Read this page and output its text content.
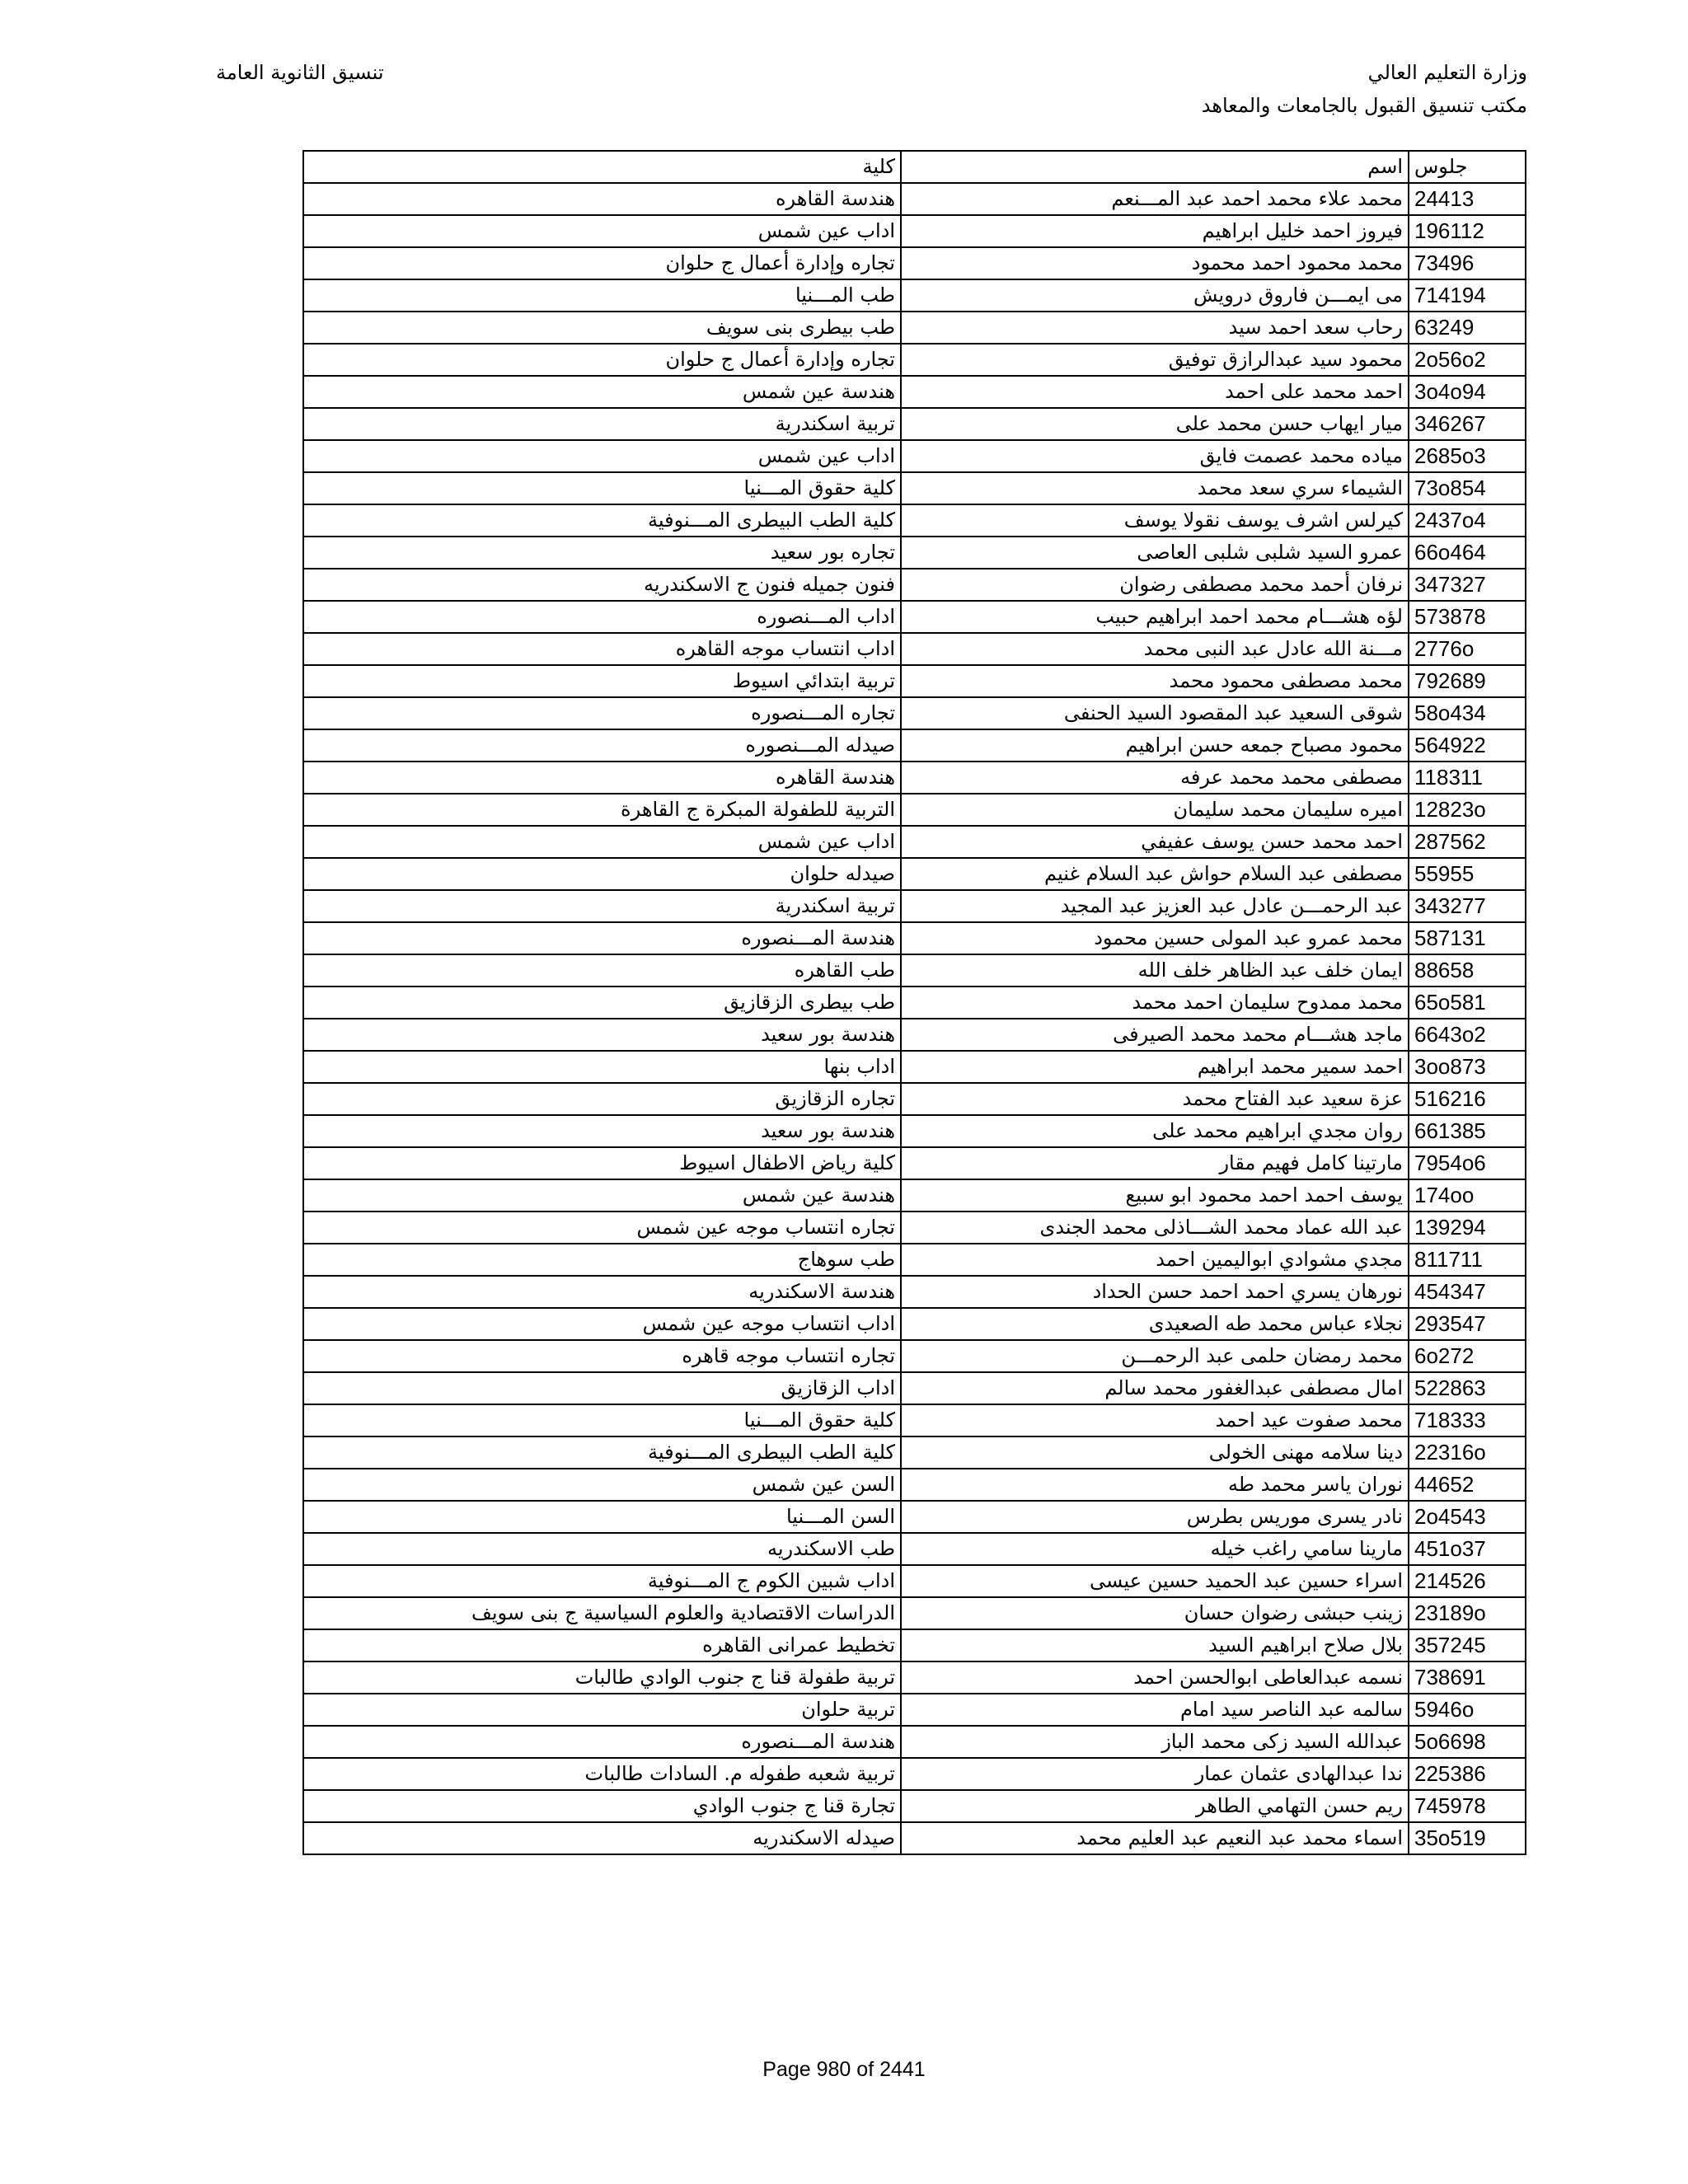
وزارة التعليم العالي
مكتب تنسيق القبول بالجامعات والمعاهد
تنسيق الثانوية العامة
جلوس	اسم	كلية
24413	محمد علاء محمد احمد عبد المـــنعم	هندسة القاهره
196112	فيروز احمد خليل ابراهيم	اداب عين شمس
73496	محمد محمود احمد محمود	تجاره وإدارة أعمال ج حلوان
714194	مى ايمـــن فاروق درويش	طب المـــنيا
63249	رحاب سعد احمد سيد	طب بيطرى بنى سويف
2o56o2	محمود سيد عبدالرازق توفيق	تجاره وإدارة أعمال ج حلوان
3o4o94	احمد محمد على احمد	هندسة عين شمس
346267	ميار ايهاب حسن محمد على	تربية اسكندرية
2685o3	مياده محمد عصمت فايق	اداب عين شمس
73o854	الشيماء سري سعد محمد	كلية حقوق المـــنيا
2437o4	كيرلس اشرف يوسف نقولا يوسف	كلية الطب البيطرى المـــنوفية
66o464	عمرو السيد شلبى شلبى العاصى	تجاره بور سعيد
347327	نرفان أحمد محمد مصطفى رضوان	فنون جميله فنون ج الاسكندريه
573878	لؤه هشـــام محمد احمد ابراهيم حبيب	اداب المـــنصوره
2776o	مـــنة الله عادل عبد النبى محمد	اداب انتساب موجه القاهره
792689	محمد مصطفى محمود محمد	تربية ابتدائي اسيوط
58o434	شوقى السعيد عبد المقصود السيد الحنفى	تجاره المـــنصوره
564922	محمود مصباح جمعه حسن ابراهيم	صيدله المـــنصوره
118311	مصطفى محمد محمد عرفه	هندسة القاهره
12823o	اميره سليمان محمد سليمان	التربية للطفولة المبكرة ج القاهرة
287562	احمد محمد حسن يوسف عفيفي	اداب عين شمس
55955	مصطفى عبد السلام حواش عبد السلام غنيم	صيدله حلوان
343277	عبد الرحمـــن عادل عبد العزيز عبد المجيد	تربية اسكندرية
587131	محمد عمرو عبد المولى حسين محمود	هندسة المـــنصوره
88658	ايمان خلف عبد الظاهر خلف الله	طب القاهره
65o581	محمد ممدوح سليمان احمد محمد	طب بيطرى الزقازيق
6643o2	ماجد هشـــام محمد محمد الصيرفى	هندسة بور سعيد
3oo873	احمد سمير محمد ابراهيم	اداب بنها
516216	عزة سعيد عبد الفتاح محمد	تجاره الزقازيق
661385	روان مجدي ابراهيم محمد على	هندسة بور سعيد
7954o6	مارتينا كامل فهيم مقار	كلية رياض الاطفال اسيوط
174oo	يوسف احمد احمد محمود ابو سبيع	هندسة عين شمس
139294	عبد الله عماد محمد الشـــاذلى محمد الجندى	تجاره انتساب موجه عين شمس
811711	مجدي مشوادي ابواليمين احمد	طب سوهاج
454347	نورهان يسري احمد احمد حسن الحداد	هندسة الاسكندريه
293547	نجلاء عباس محمد طه الصعيدى	اداب انتساب موجه عين شمس
6o272	محمد رمضان حلمى عبد الرحمـــن	تجاره انتساب موجه قاهره
522863	امال مصطفى عبدالغفور محمد سالم	اداب الزقازيق
718333	محمد صفوت عيد احمد	كلية حقوق المـــنيا
22316o	دينا سلامه مهنى الخولى	كلية الطب البيطرى المـــنوفية
44652	نوران ياسر محمد طه	السن عين شمس
2o4543	نادر يسرى موريس بطرس	السن المـــنيا
451o37	مارينا سامي راغب خيله	طب الاسكندريه
214526	اسراء حسين عبد الحميد حسين عيسى	اداب شبين الكوم ج المـــنوفية
23189o	زينب حبشى رضوان حسان	الدراسات الاقتصادية والعلوم السياسية ج بنى سويف
357245	بلال صلاح ابراهيم السيد	تخطيط عمرانى القاهره
738691	نسمه عبدالعاطى ابوالحسن احمد	تربية طفولة قنا ج جنوب الوادي طالبات
5946o	سالمه عبد الناصر سيد امام	تربية حلوان
5o6698	عبدالله السيد زكى محمد الباز	هندسة المـــنصوره
225386	ندا عبدالهادى عثمان عمار	تربية شعبه طفوله م. السادات طالبات
745978	ريم حسن التهامي الطاهر	تجارة قنا ج جنوب الوادي
35o519	اسماء محمد عبد النعيم عبد العليم محمد	صيدله الاسكندريه
Page 980 of 2441
